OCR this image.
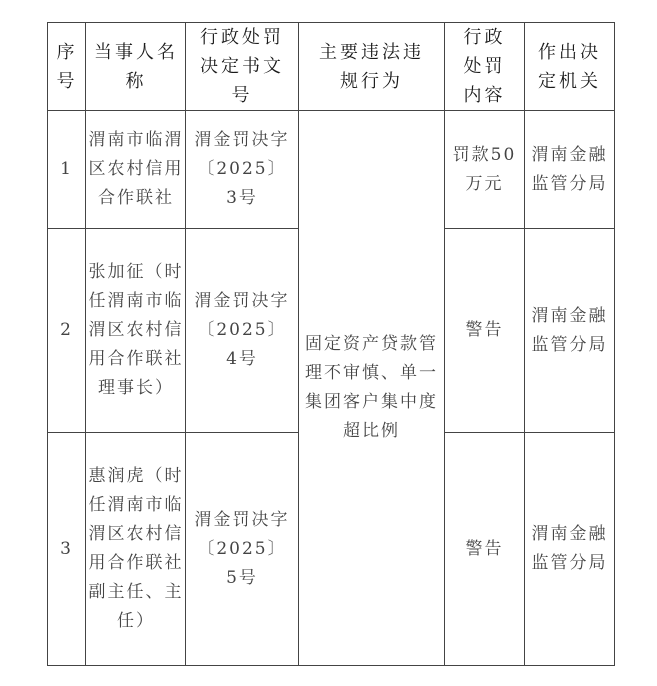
序号	当事人名称	行政处罚决定书文号	主要违法违规行为	行政处罚内容	作出决定机关

1	渭南市临渭区农村信用合作联社	渭金罚决字〔2025〕3号	固定资产贷款管理不审慎、单一集团客户集中度超比例	罚款50万元	渭南金融监管分局

2	张加征（时任渭南市临渭区农村信用合作联社理事长）	渭金罚决字〔2025〕4号		警告	渭南金融监管分局

3	惠润虎（时任渭南市临渭区农村信用合作联社副主任、主任）	渭金罚决字〔2025〕5号		警告	渭南金融监管分局
